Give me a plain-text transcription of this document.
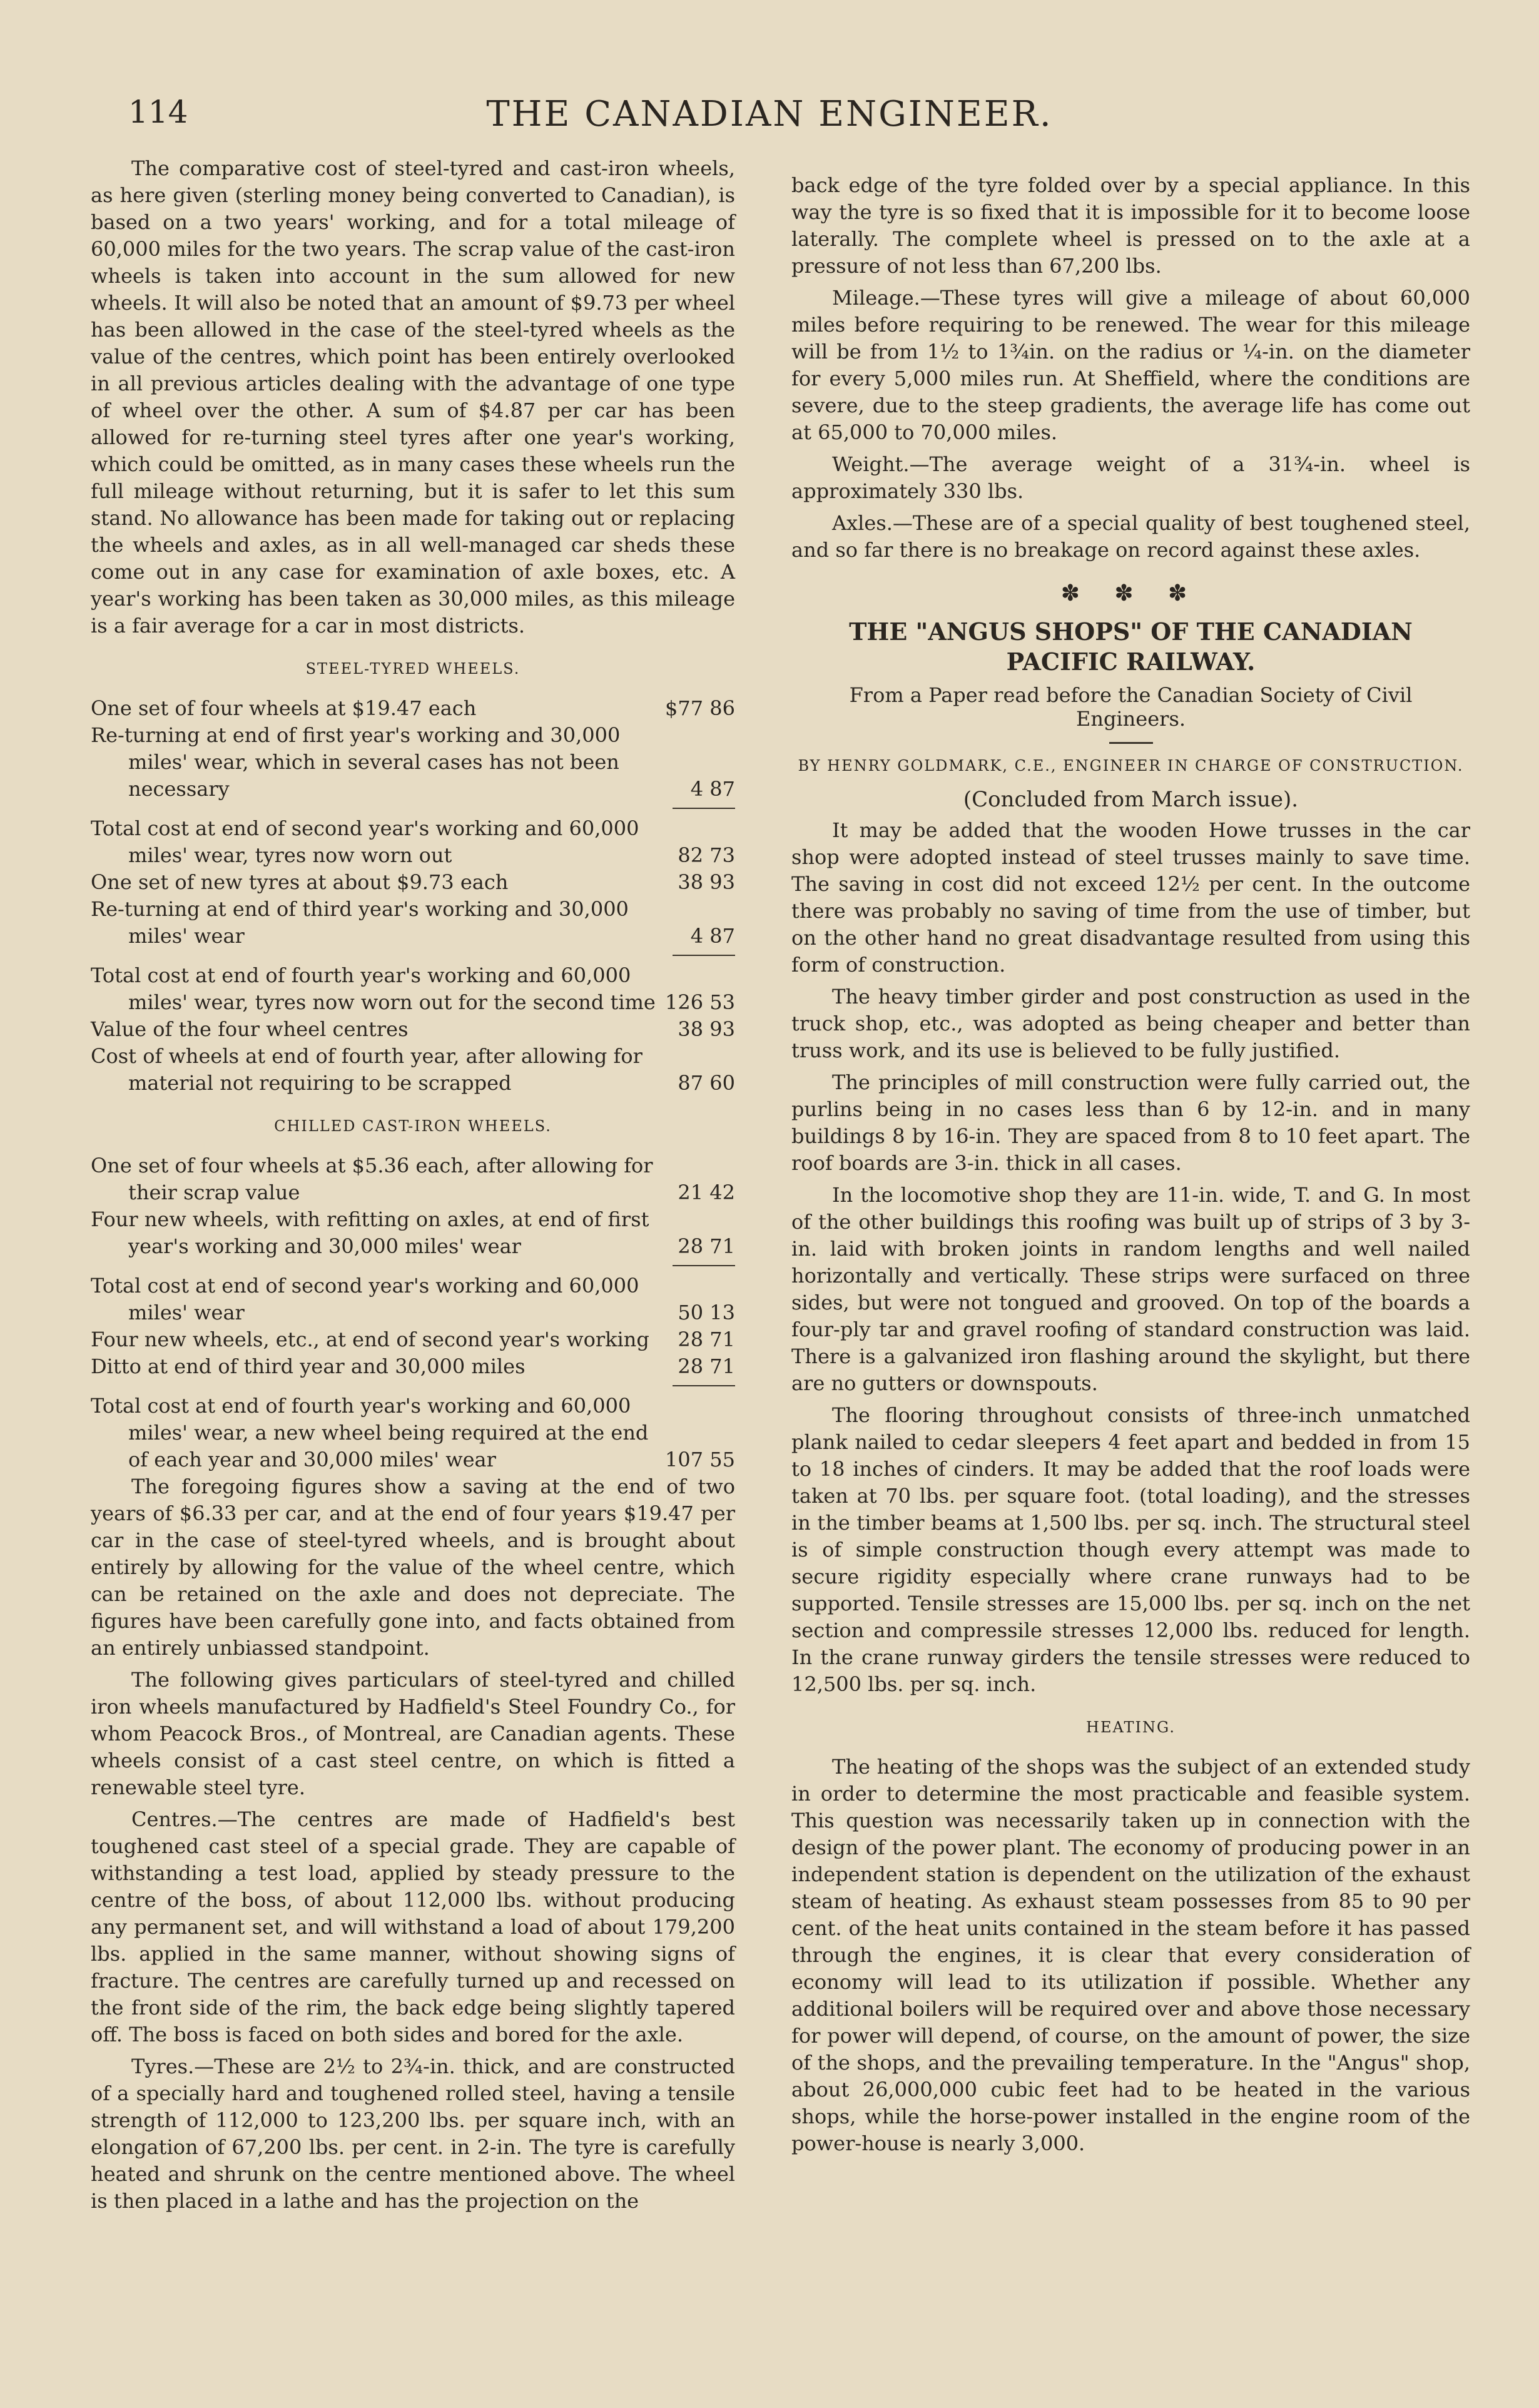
114	THE CANADIAN ENGINEER.

The comparative cost of steel-tyred and cast-iron wheels, as here given (sterling money being converted to Canadian), is based on a two years' working, and for a total mileage of 60,000 miles for the two years. The scrap value of the cast-iron wheels is taken into account in the sum allowed for new wheels. It will also be noted that an amount of $9.73 per wheel has been allowed in the case of the steel-tyred wheels as the value of the centres, which point has been entirely overlooked in all previous articles dealing with the advantage of one type of wheel over the other. A sum of $4.87 per car has been allowed for re-turning steel tyres after one year's working, which could be omitted, as in many cases these wheels run the full mileage without returning, but it is safer to let this sum stand. No allowance has been made for taking out or replacing the wheels and axles, as in all well-managed car sheds these come out in any case for examination of axle boxes, etc. A year's working has been taken as 30,000 miles, as this mileage is a fair average for a car in most districts.

STEEL-TYRED WHEELS.
One set of four wheels at $19.47 each	$77 86
Re-turning at end of first year's working and 30,000 miles' wear, which in several cases has not been necessary	4 87

Total cost at end of second year's working and 60,000 miles' wear, tyres now worn out	82 73
One set of new tyres at about $9.73 each	38 93
Re-turning at end of third year's working and 30,000 miles' wear	4 87

Total cost at end of fourth year's working and 60,000 miles' wear, tyres now worn out for the second time	126 53
Value of the four wheel centres	38 93
Cost of wheels at end of fourth year, after allowing for material not requiring to be scrapped	87 60
CHILLED CAST-IRON WHEELS.
One set of four wheels at $5.36 each, after allowing for their scrap value	21 42
Four new wheels, with refitting on axles, at end of first year's working and 30,000 miles' wear	28 71

Total cost at end of second year's working and 60,000 miles' wear	50 13
Four new wheels, etc., at end of second year's working	28 71
Ditto at end of third year and 30,000 miles	28 71

Total cost at end of fourth year's working and 60,000 miles' wear, a new wheel being required at the end of each year and 30,000 miles' wear	107 55

The foregoing figures show a saving at the end of two years of $6.33 per car, and at the end of four years $19.47 per car in the case of steel-tyred wheels, and is brought about entirely by allowing for the value of the wheel centre, which can be retained on the axle and does not depreciate. The figures have been carefully gone into, and facts obtained from an entirely unbiassed standpoint.

The following gives particulars of steel-tyred and chilled iron wheels manufactured by Hadfield's Steel Foundry Co., for whom Peacock Bros., of Montreal, are Canadian agents. These wheels consist of a cast steel centre, on which is fitted a renewable steel tyre.

Centres.—The centres are made of Hadfield's best toughened cast steel of a special grade. They are capable of withstanding a test load, applied by steady pressure to the centre of the boss, of about 112,000 lbs. without producing any permanent set, and will withstand a load of about 179,200 lbs. applied in the same manner, without showing signs of fracture. The centres are carefully turned up and recessed on the front side of the rim, the back edge being slightly tapered off. The boss is faced on both sides and bored for the axle.

Tyres.—These are 2½ to 2¾-in. thick, and are constructed of a specially hard and toughened rolled steel, having a tensile strength of 112,000 to 123,200 lbs. per square inch, with an elongation of 67,200 lbs. per cent. in 2-in. The tyre is carefully heated and shrunk on the centre mentioned above. The wheel is then placed in a lathe and has the projection on the

back edge of the tyre folded over by a special appliance. In this way the tyre is so fixed that it is impossible for it to become loose laterally. The complete wheel is pressed on to the axle at a pressure of not less than 67,200 lbs.

Mileage.—These tyres will give a mileage of about 60,000 miles before requiring to be renewed. The wear for this mileage will be from 1½ to 1¾in. on the radius or ¼-in. on the diameter for every 5,000 miles run. At Sheffield, where the conditions are severe, due to the steep gradients, the average life has come out at 65,000 to 70,000 miles.

Weight.—The average weight of a 31¾-in. wheel is approximately 330 lbs.

Axles.—These are of a special quality of best toughened steel, and so far there is no breakage on record against these axles.

✽ ✽ ✽
THE "ANGUS SHOPS" OF THE CANADIAN PACIFIC RAILWAY.
From a Paper read before the Canadian Society of Civil Engineers.
BY HENRY GOLDMARK, C.E., ENGINEER IN CHARGE OF CONSTRUCTION.
(Concluded from March issue).

It may be added that the wooden Howe trusses in the car shop were adopted instead of steel trusses mainly to save time. The saving in cost did not exceed 12½ per cent. In the outcome there was probably no saving of time from the use of timber, but on the other hand no great disadvantage resulted from using this form of construction.

The heavy timber girder and post construction as used in the truck shop, etc., was adopted as being cheaper and better than truss work, and its use is believed to be fully justified.

The principles of mill construction were fully carried out, the purlins being in no cases less than 6 by 12-in. and in many buildings 8 by 16-in. They are spaced from 8 to 10 feet apart. The roof boards are 3-in. thick in all cases.

In the locomotive shop they are 11-in. wide, T. and G. In most of the other buildings this roofing was built up of strips of 3 by 3-in. laid with broken joints in random lengths and well nailed horizontally and vertically. These strips were surfaced on three sides, but were not tongued and grooved. On top of the boards a four-ply tar and gravel roofing of standard construction was laid. There is a galvanized iron flashing around the skylight, but there are no gutters or downspouts.

The flooring throughout consists of three-inch unmatched plank nailed to cedar sleepers 4 feet apart and bedded in from 15 to 18 inches of cinders. It may be added that the roof loads were taken at 70 lbs. per square foot. (total loading), and the stresses in the timber beams at 1,500 lbs. per sq. inch. The structural steel is of simple construction though every attempt was made to secure rigidity especially where crane runways had to be supported. Tensile stresses are 15,000 lbs. per sq. inch on the net section and compressile stresses 12,000 lbs. reduced for length. In the crane runway girders the tensile stresses were reduced to 12,500 lbs. per sq. inch.

HEATING.

The heating of the shops was the subject of an extended study in order to determine the most practicable and feasible system. This question was necessarily taken up in connection with the design of the power plant. The economy of producing power in an independent station is dependent on the utilization of the exhaust steam of heating. As exhaust steam possesses from 85 to 90 per cent. of the heat units contained in the steam before it has passed through the engines, it is clear that every consideration of economy will lead to its utilization if possible. Whether any additional boilers will be required over and above those necessary for power will depend, of course, on the amount of power, the size of the shops, and the prevailing temperature. In the "Angus" shop, about 26,000,000 cubic feet had to be heated in the various shops, while the horse-power installed in the engine room of the power-house is nearly 3,000.
